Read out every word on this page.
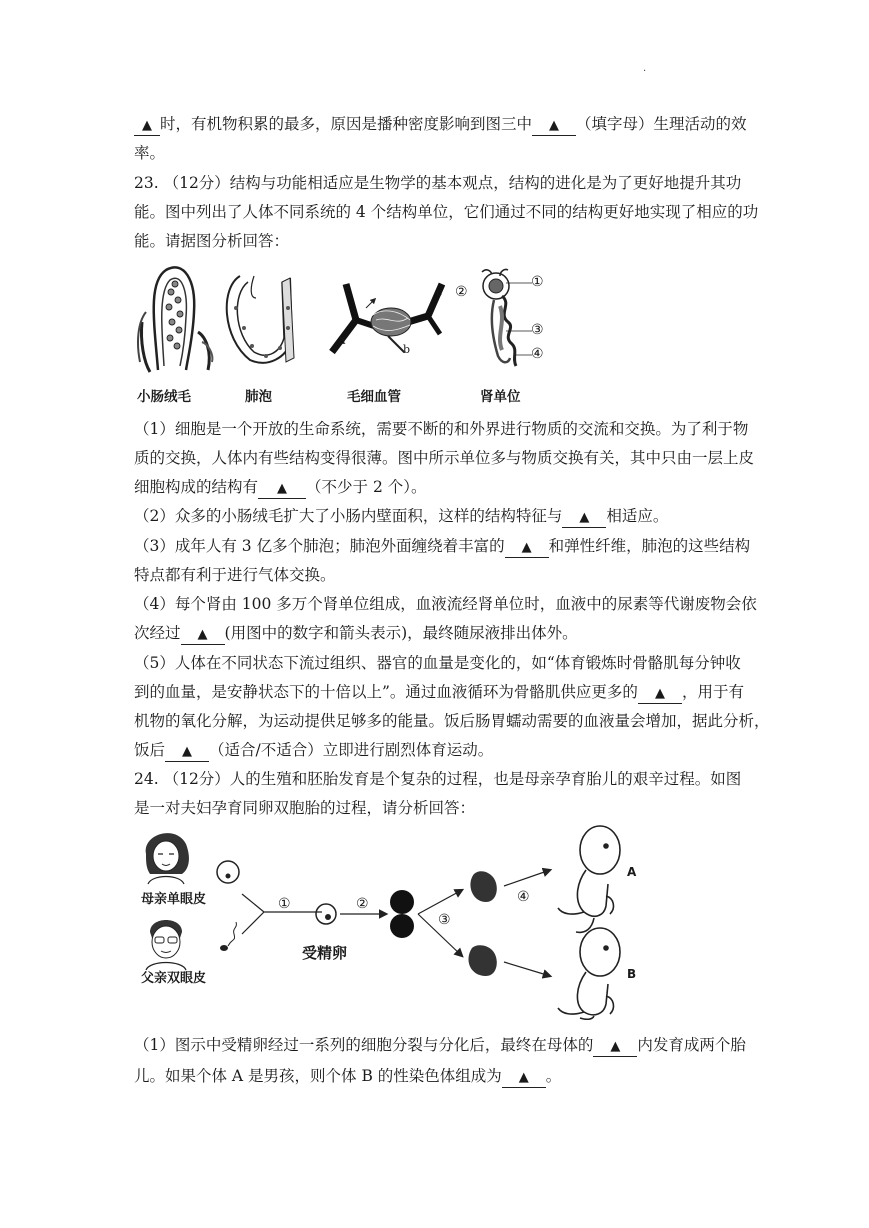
·
▲ 时，有机物积累的最多，原因是播种密度影响到图三中 ▲ （填字母）生理活动的效
率。
23. （12分）结构与功能相适应是生物学的基本观点，结构的进化是为了更好地提升其功
能。图中列出了人体不同系统的 4 个结构单位，它们通过不同的结构更好地实现了相应的功
能。请据图分析回答：
小肠绒毛	肺泡
a
b
c
毛细血管
①
②
③
④
肾单位
（1）细胞是一个开放的生命系统，需要不断的和外界进行物质的交流和交换。为了利于物
质的交换，人体内有些结构变得很薄。图中所示单位多与物质交换有关，其中只由一层上皮
细胞构成的结构有 ▲ （不少于 2 个）。
（2）众多的小肠绒毛扩大了小肠内壁面积，这样的结构特征与 ▲ 相适应。
（3）成年人有 3 亿多个肺泡；肺泡外面缠绕着丰富的 ▲ 和弹性纤维，肺泡的这些结构
特点都有利于进行气体交换。
（4）每个肾由 100 多万个肾单位组成，血液流经肾单位时，血液中的尿素等代谢废物会依
次经过 ▲ (用图中的数字和箭头表示)，最终随尿液排出体外。
（5）人体在不同状态下流过组织、器官的血量是变化的，如“体育锻炼时骨骼肌每分钟收
到的血量，是安静状态下的十倍以上”。通过血液循环为骨骼肌供应更多的 ▲ ，用于有
机物的氧化分解，为运动提供足够多的能量。饭后肠胃蠕动需要的血液量会增加，据此分析，
饭后 ▲ （适合/不适合）立即进行剧烈体育运动。
24. （12分）人的生殖和胚胎发育是个复杂的过程，也是母亲孕育胎儿的艰辛过程。如图
是一对夫妇孕育同卵双胞胎的过程，请分析回答：
母亲单眼皮
父亲双眼皮
①	②
③
④
受精卵
A
B
（1）图示中受精卵经过一系列的细胞分裂与分化后，最终在母体的 ▲ 内发育成两个胎
儿。如果个体 A 是男孩，则个体 B 的性染色体组成为 ▲ 。
